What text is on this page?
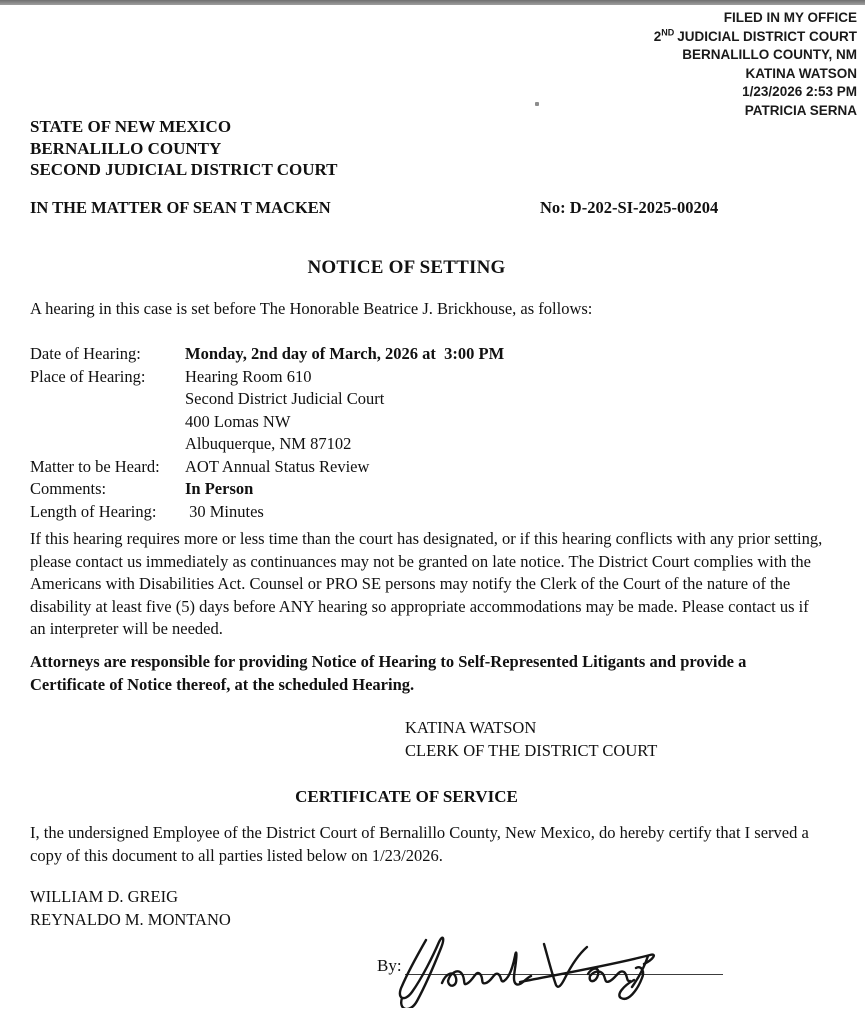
FILED IN MY OFFICE
2ND JUDICIAL DISTRICT COURT
BERNALILLO COUNTY, NM
KATINA WATSON
1/23/2026 2:53 PM
PATRICIA SERNA
STATE OF NEW MEXICO
BERNALILLO COUNTY
SECOND JUDICIAL DISTRICT COURT
IN THE MATTER OF SEAN T MACKEN	No: D-202-SI-2025-00204
NOTICE OF SETTING
A hearing in this case is set before The Honorable Beatrice J. Brickhouse, as follows:
Date of Hearing:	Monday, 2nd day of March, 2026 at  3:00 PM
Place of Hearing:	Hearing Room 610
Second District Judicial Court
400 Lomas NW
Albuquerque, NM 87102
Matter to be Heard:	AOT Annual Status Review
Comments:	In Person
Length of Hearing:	30 Minutes
If this hearing requires more or less time than the court has designated, or if this hearing conflicts with any prior setting, please contact us immediately as continuances may not be granted on late notice. The District Court complies with the Americans with Disabilities Act. Counsel or PRO SE persons may notify the Clerk of the Court of the nature of the disability at least five (5) days before ANY hearing so appropriate accommodations may be made. Please contact us if an interpreter will be needed.
Attorneys are responsible for providing Notice of Hearing to Self-Represented Litigants and provide a Certificate of Notice thereof, at the scheduled Hearing.
KATINA WATSON
CLERK OF THE DISTRICT COURT
CERTIFICATE OF SERVICE
I, the undersigned Employee of the District Court of Bernalillo County, New Mexico, do hereby certify that I served a copy of this document to all parties listed below on 1/23/2026.
WILLIAM D. GREIG
REYNALDO M. MONTANO
By:
